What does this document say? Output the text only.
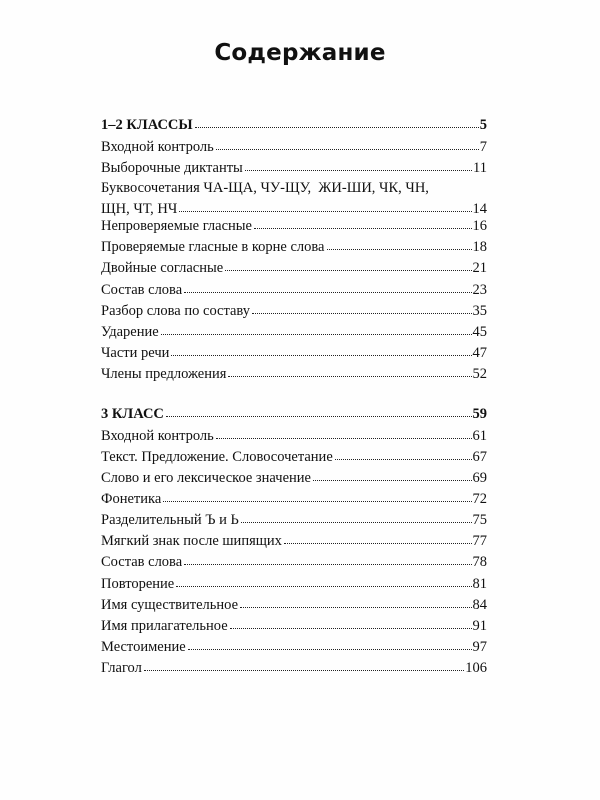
Содержание
1–2 КЛАССЫ	5
Входной контроль	7
Выборочные диктанты	11
Буквосочетания ЧА-ЩА, ЧУ-ЩУ,  ЖИ-ШИ, ЧК, ЧН,
ЩН, ЧТ, НЧ	14
Непроверяемые гласные	16
Проверяемые гласные в корне слова	18
Двойные согласные	21
Состав слова	23
Разбор слова по составу	35
Ударение	45
Части речи	47
Члены предложения	52
3 КЛАСС	59
Входной контроль	61
Текст. Предложение. Словосочетание	67
Слово и его лексическое значение	69
Фонетика	72
Разделительный Ъ и Ь	75
Мягкий знак после шипящих	77
Состав слова	78
Повторение	81
Имя существительное	84
Имя прилагательное	91
Местоимение	97
Глагол	106
